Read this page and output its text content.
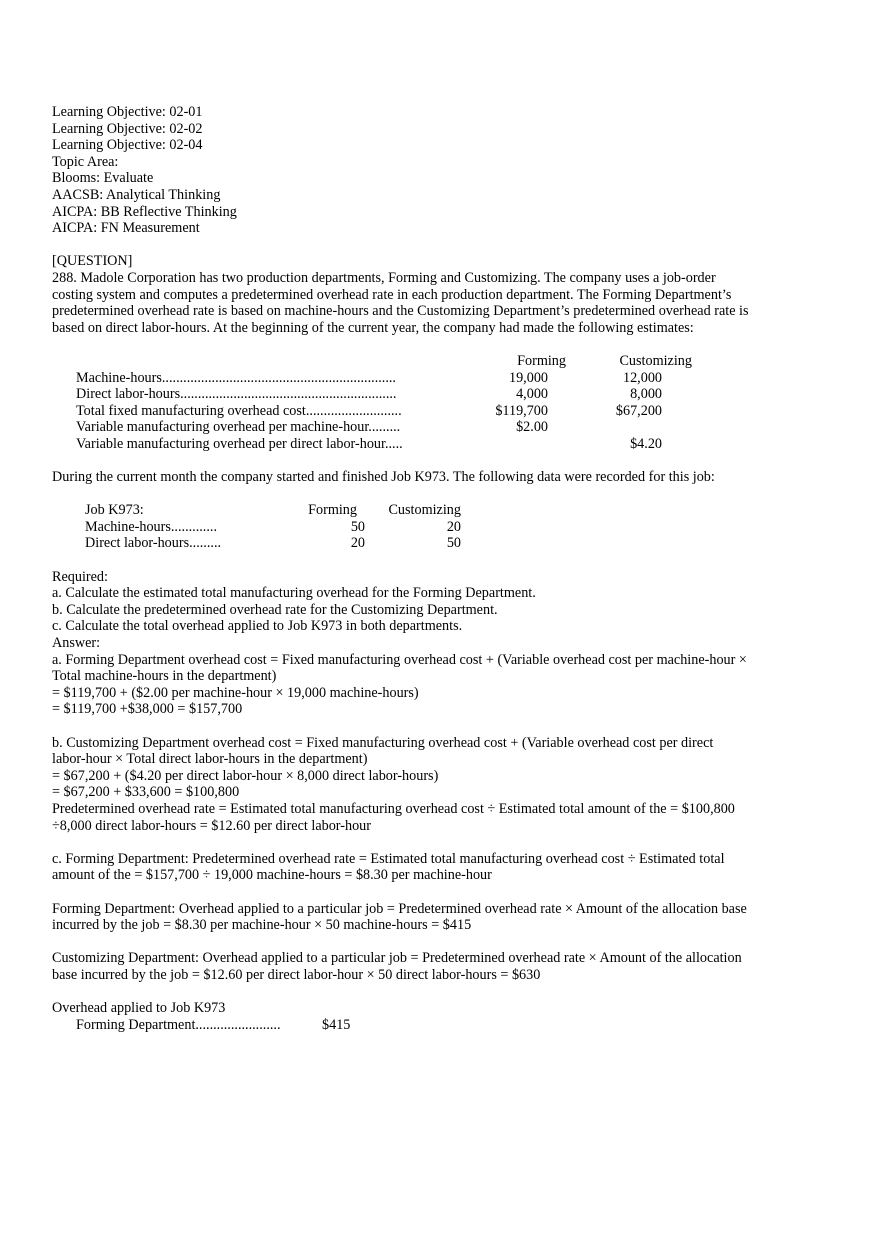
Learning Objective: 02-01
Learning Objective: 02-02
Learning Objective: 02-04
Topic Area:
Blooms: Evaluate
AACSB: Analytical Thinking
AICPA: BB Reflective Thinking
AICPA: FN Measurement
[QUESTION]

288. Madole Corporation has two production departments, Forming and Customizing. The company uses a job-order costing system and computes a predetermined overhead rate in each production department. The Forming Department’s predetermined overhead rate is based on machine-hours and the Customizing Department’s predetermined overhead rate is based on direct labor-hours. At the beginning of the current year, the company had made the following estimates:

	Forming	Customizing
Machine-hours..................................................................	19,000	12,000
Direct labor-hours.............................................................	4,000	8,000
Total fixed manufacturing overhead cost...........................	$119,700	$67,200
Variable manufacturing overhead per machine-hour.........	$2.00	
Variable manufacturing overhead per direct labor-hour.....		$4.20

During the current month the company started and finished Job K973. The following data were recorded for this job:

Job K973:	Forming	Customizing
Machine-hours.............	50	20
Direct labor-hours.........	20	50
Required:
a. Calculate the estimated total manufacturing overhead for the Forming Department.
b. Calculate the predetermined overhead rate for the Customizing Department.
c. Calculate the total overhead applied to Job K973 in both departments.
Answer:

a. Forming Department overhead cost = Fixed manufacturing overhead cost + (Variable overhead cost per machine-hour × Total machine-hours in the department)

= $119,700 + ($2.00 per machine-hour × 19,000 machine-hours)
= $119,700 +$38,000 = $157,700

b. Customizing Department overhead cost = Fixed manufacturing overhead cost + (Variable overhead cost per direct labor-hour × Total direct labor-hours in the department)

= $67,200 + ($4.20 per direct labor-hour × 8,000 direct labor-hours)
= $67,200 + $33,600 = $100,800

Predetermined overhead rate = Estimated total manufacturing overhead cost ÷ Estimated total amount of the = $100,800 ÷8,000 direct labor-hours = $12.60 per direct labor-hour

c. Forming Department: Predetermined overhead rate = Estimated total manufacturing overhead cost ÷ Estimated total amount of the = $157,700 ÷ 19,000 machine-hours = $8.30 per machine-hour

Forming Department: Overhead applied to a particular job = Predetermined overhead rate × Amount of the allocation base incurred by the job = $8.30 per machine-hour × 50 machine-hours = $415

Customizing Department: Overhead applied to a particular job = Predetermined overhead rate × Amount of the allocation base incurred by the job = $12.60 per direct labor-hour × 50 direct labor-hours = $630

Overhead applied to Job K973
Forming Department........................	$415
